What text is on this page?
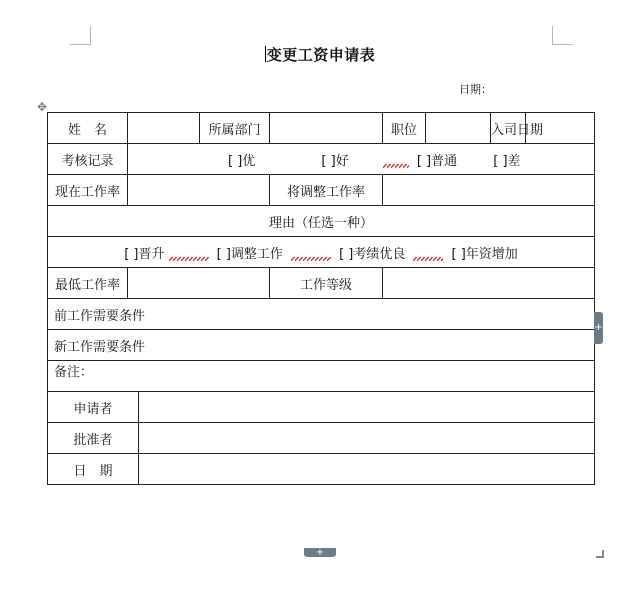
变更工资申请表
日期：
✥
姓　名			所属部门		职位		入司日期	
考核记录	[ ]优 [ ]好 [ ]普通 [ ]差							
现在工作率				将调整工作率				
理由（任选一种）								
[ ]晋升 [ ]调整工作 [ ]考绩优良 [ ]年资增加								
最低工作率				工作等级				
前工作需要条件								
新工作需要条件								
备注：								
申请者								
批准者								
日　期								
+
+
